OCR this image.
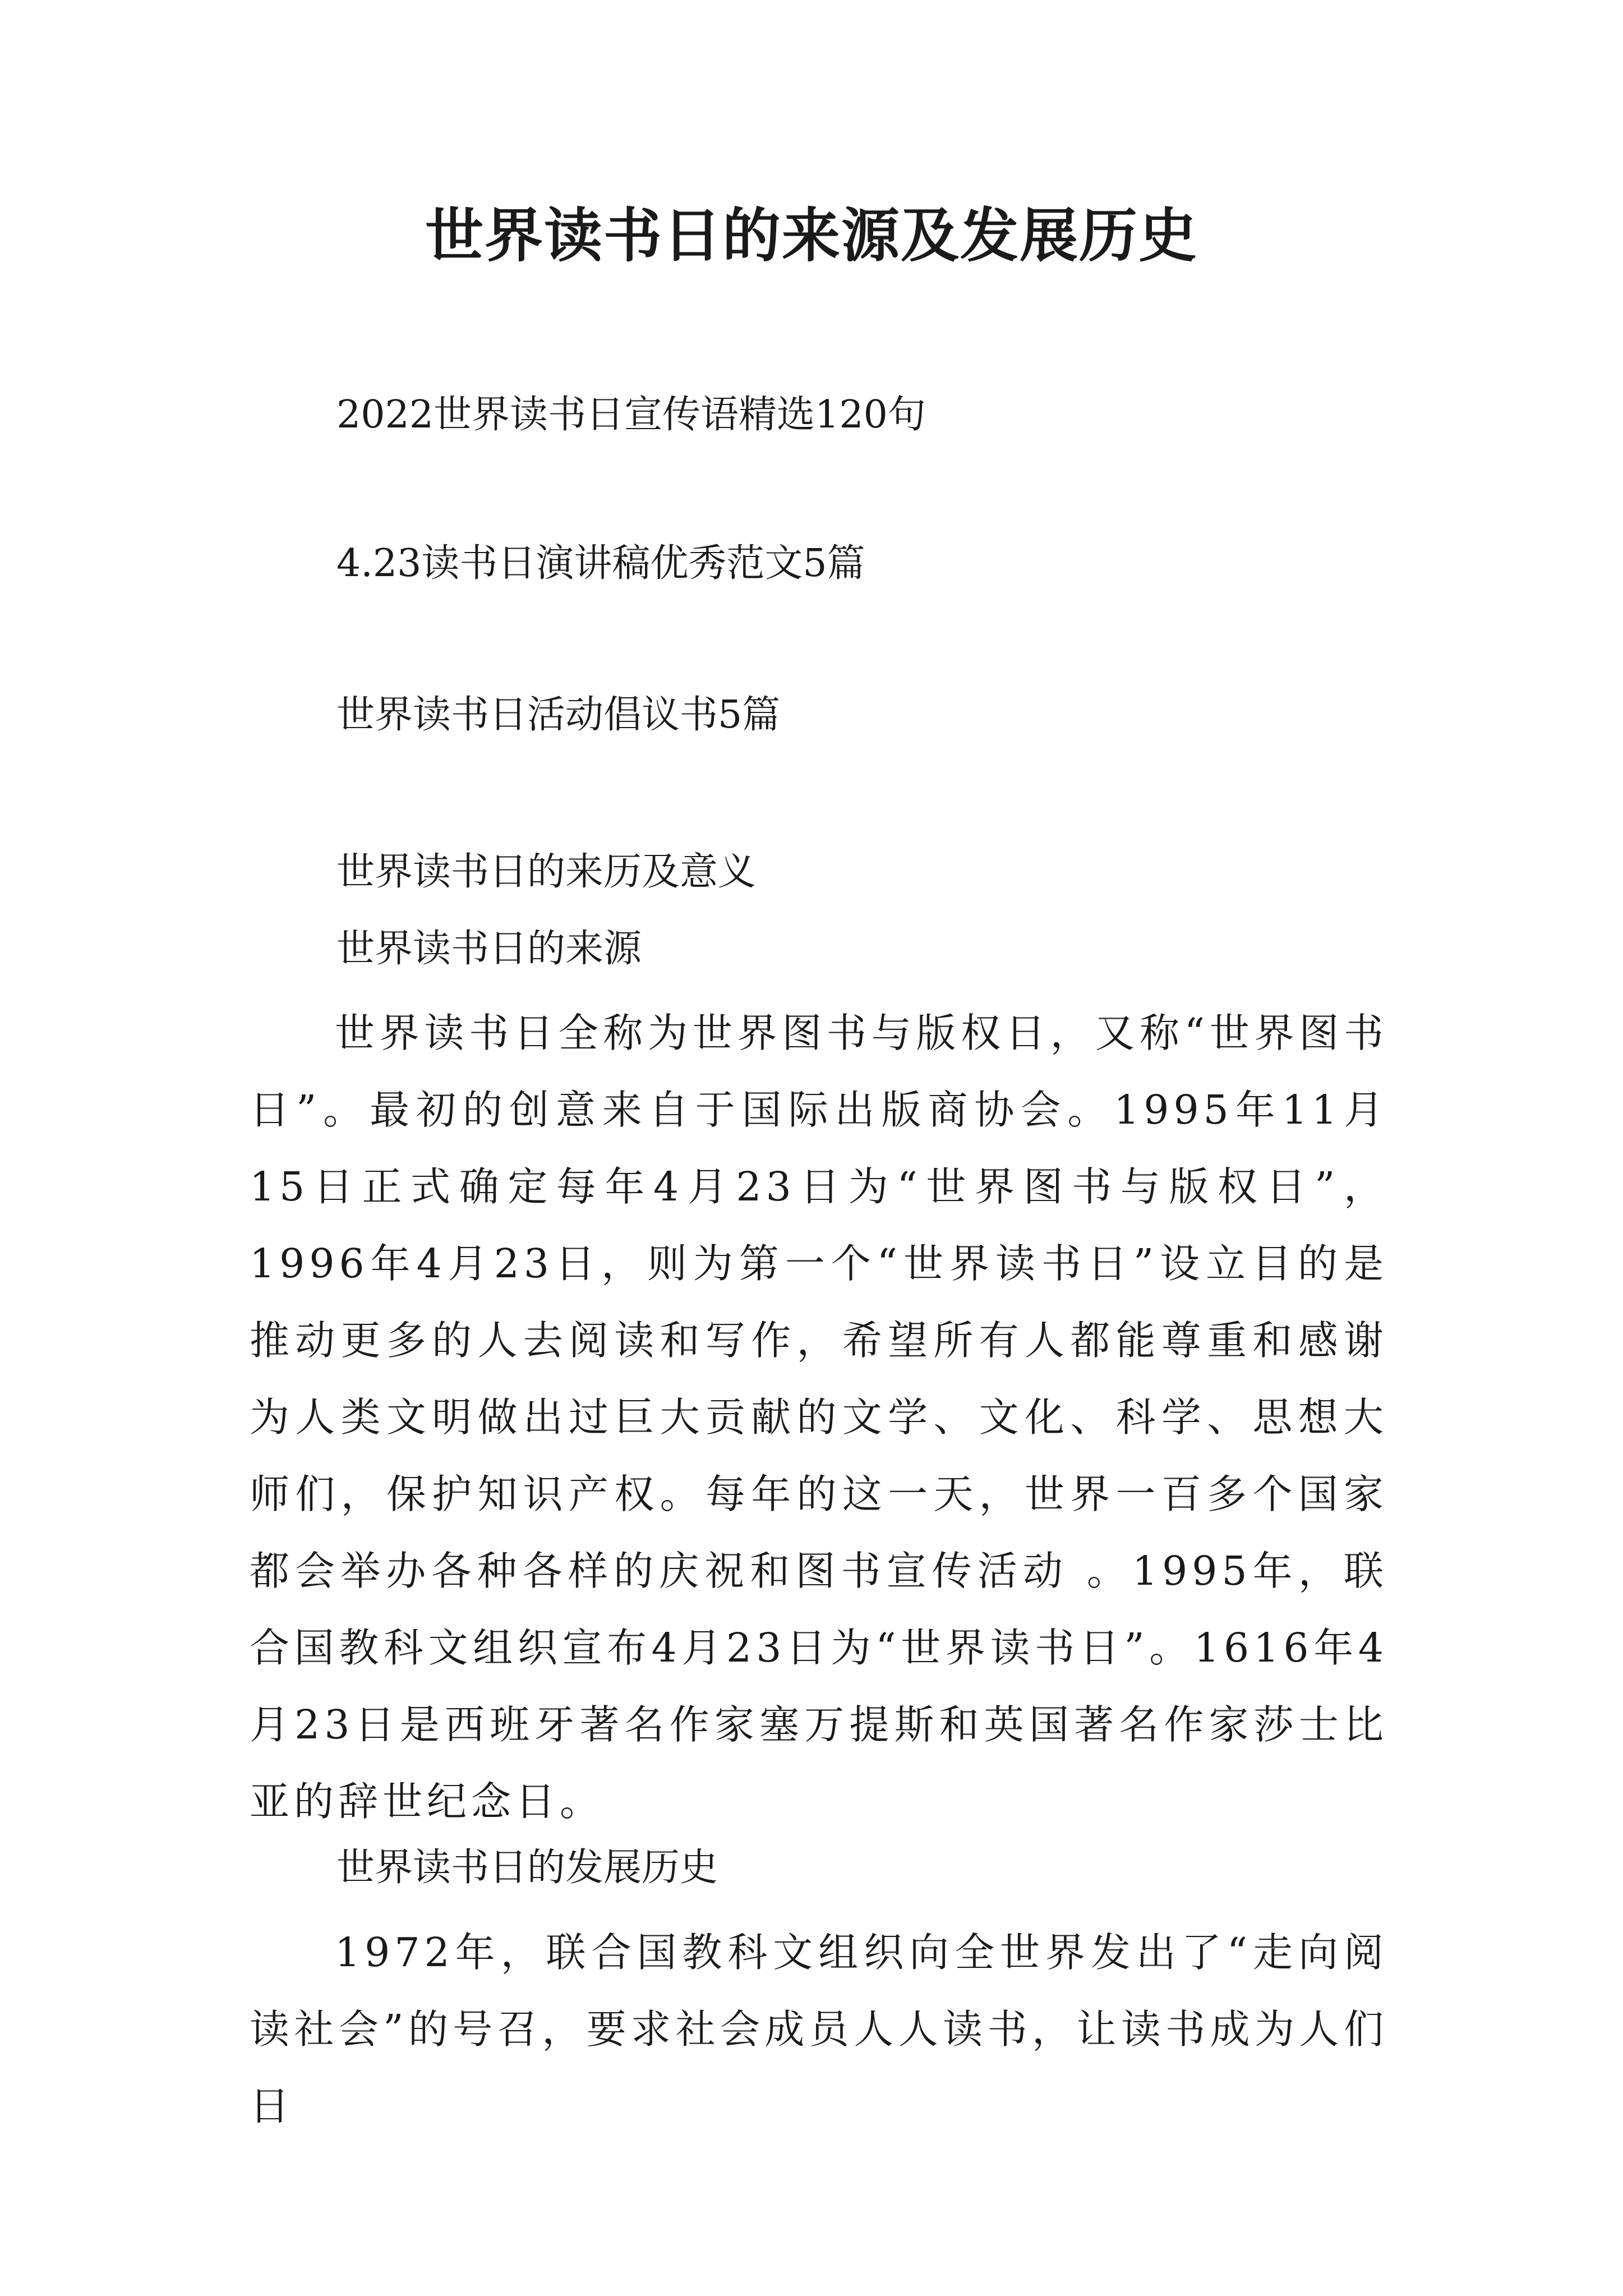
世界读书日的来源及发展历史

2022世界读书日宣传语精选120句

4.23读书日演讲稿优秀范文5篇

世界读书日活动倡议书5篇

世界读书日的来历及意义

世界读书日的来源

世界读书日全称为世界图书与版权日，又称“世界图书日”。最初的创意来自于国际出版商协会。1995年11月15日正式确定每年4月23日为“世界图书与版权日”，1996年4月23日，则为第一个“世界读书日”设立目的是推动更多的人去阅读和写作，希望所有人都能尊重和感谢为人类文明做出过巨大贡献的文学、文化、科学、思想大师们，保护知识产权。每年的这一天，世界一百多个国家都会举办各种各样的庆祝和图书宣传活动 。1995年，联合国教科文组织宣布4月23日为“世界读书日”。1616年4月23日是西班牙著名作家塞万提斯和英国著名作家莎士比亚的辞世纪念日。

世界读书日的发展历史

1972年，联合国教科文组织向全世界发出了“走向阅读社会”的号召，要求社会成员人人读书，让读书成为人们日
